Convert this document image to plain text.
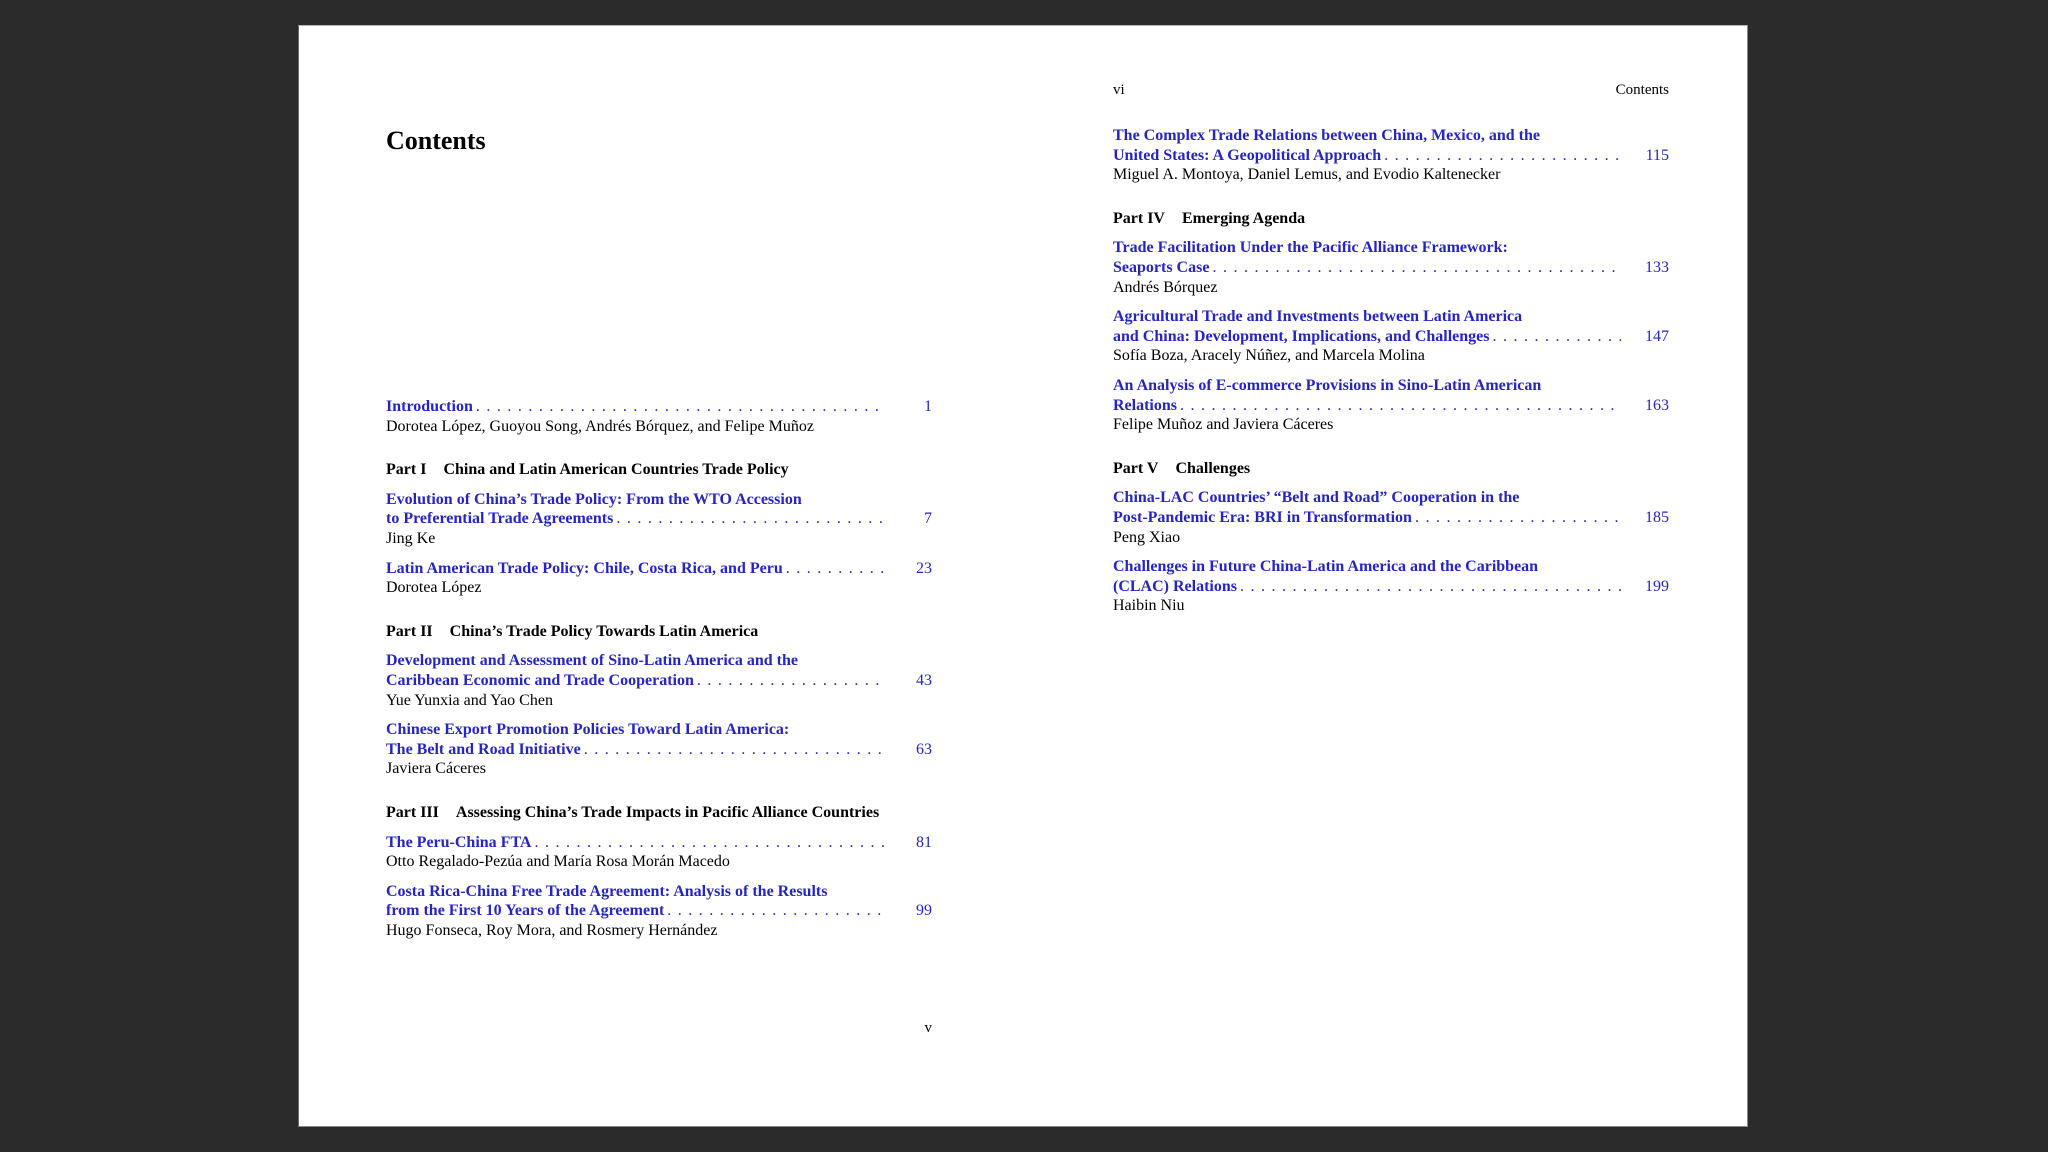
Contents
Introduction .....	1
Dorotea López, Guoyou Song, Andrés Bórquez, and Felipe Muñoz
Part I China and Latin American Countries Trade Policy
Evolution of China’s Trade Policy: From the WTO Accession
to Preferential Trade Agreements .....	7
Jing Ke
Latin American Trade Policy: Chile, Costa Rica, and Peru .....	23
Dorotea López
Part II China’s Trade Policy Towards Latin America
Development and Assessment of Sino-Latin America and the
Caribbean Economic and Trade Cooperation .....	43
Yue Yunxia and Yao Chen
Chinese Export Promotion Policies Toward Latin America:
The Belt and Road Initiative .....	63
Javiera Cáceres
Part III Assessing China’s Trade Impacts in Pacific Alliance Countries
The Peru-China FTA .....	81
Otto Regalado-Pezúa and María Rosa Morán Macedo
Costa Rica-China Free Trade Agreement: Analysis of the Results
from the First 10 Years of the Agreement .....	99
Hugo Fonseca, Roy Mora, and Rosmery Hernández
v
vi	Contents
The Complex Trade Relations between China, Mexico, and the
United States: A Geopolitical Approach .....	115
Miguel A. Montoya, Daniel Lemus, and Evodio Kaltenecker
Part IV Emerging Agenda
Trade Facilitation Under the Pacific Alliance Framework:
Seaports Case .....	133
Andrés Bórquez
Agricultural Trade and Investments between Latin America
and China: Development, Implications, and Challenges .....	147
Sofía Boza, Aracely Núñez, and Marcela Molina
An Analysis of E-commerce Provisions in Sino-Latin American
Relations .....	163
Felipe Muñoz and Javiera Cáceres
Part V Challenges
China-LAC Countries’ “Belt and Road” Cooperation in the
Post-Pandemic Era: BRI in Transformation .....	185
Peng Xiao
Challenges in Future China-Latin America and the Caribbean
(CLAC) Relations .....	199
Haibin Niu
